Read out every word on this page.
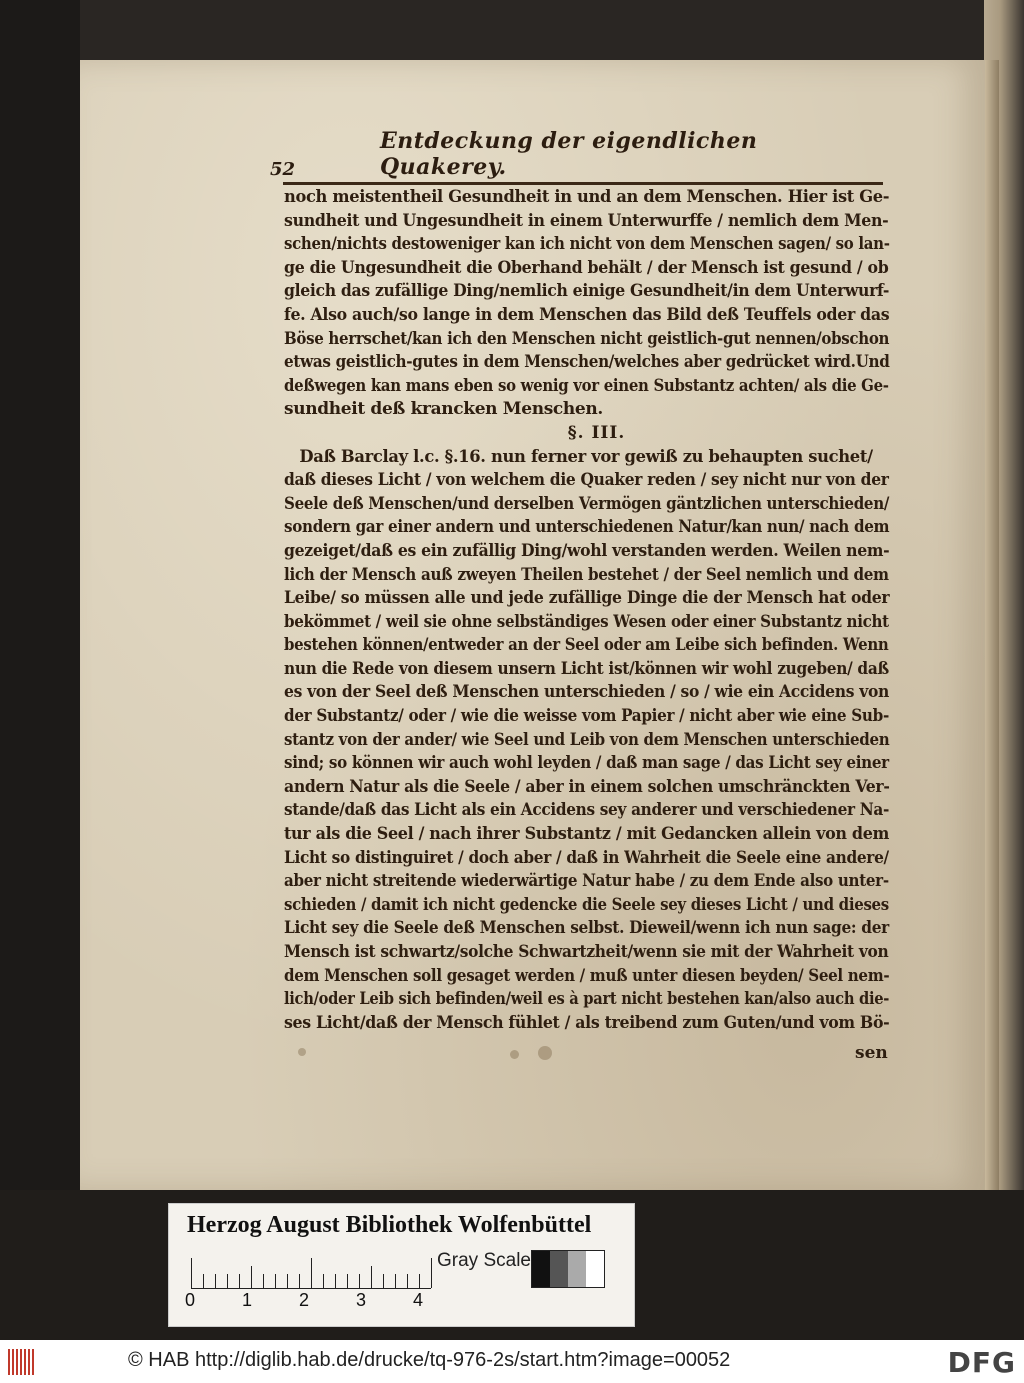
52
Entdeckung der eigendlichen Quakerey.
noch meistentheil Gesundheit in und an dem Menschen. Hier ist Ge-
sundheit und Ungesundheit in einem Unterwurffe / nemlich dem Men-
schen/nichts destoweniger kan ich nicht von dem Menschen sagen/ so lan-
ge die Ungesundheit die Oberhand behält / der Mensch ist gesund / ob
gleich das zufällige Ding/nemlich einige Gesundheit/in dem Unterwurf-
fe. Also auch/so lange in dem Menschen das Bild deß Teuffels oder das
Böse herrschet/kan ich den Menschen nicht geistlich-gut nennen/obschon
etwas geistlich-gutes in dem Menschen/welches aber gedrücket wird.Und
deßwegen kan mans eben so wenig vor einen Substantz achten/ als die Ge-
sundheit deß krancken Menschen.
§. III.
Daß Barclay l.c. §.16. nun ferner vor gewiß zu behaupten suchet/
daß dieses Licht / von welchem die Quaker reden / sey nicht nur von der
Seele deß Menschen/und derselben Vermögen gäntzlichen unterschieden/
sondern gar einer andern und unterschiedenen Natur/kan nun/ nach dem
gezeiget/daß es ein zufällig Ding/wohl verstanden werden. Weilen nem-
lich der Mensch auß zweyen Theilen bestehet / der Seel nemlich und dem
Leibe/ so müssen alle und jede zufällige Dinge die der Mensch hat oder
bekömmet / weil sie ohne selbständiges Wesen oder einer Substantz nicht
bestehen können/entweder an der Seel oder am Leibe sich befinden. Wenn
nun die Rede von diesem unsern Licht ist/können wir wohl zugeben/ daß
es von der Seel deß Menschen unterschieden / so / wie ein Accidens von
der Substantz/ oder / wie die weisse vom Papier / nicht aber wie eine Sub-
stantz von der ander/ wie Seel und Leib von dem Menschen unterschieden
sind; so können wir auch wohl leyden / daß man sage / das Licht sey einer
andern Natur als die Seele / aber in einem solchen umschränckten Ver-
stande/daß das Licht als ein Accidens sey anderer und verschiedener Na-
tur als die Seel / nach ihrer Substantz / mit Gedancken allein von dem
Licht so distinguiret / doch aber / daß in Wahrheit die Seele eine andere/
aber nicht streitende wiederwärtige Natur habe / zu dem Ende also unter-
schieden / damit ich nicht gedencke die Seele sey dieses Licht / und dieses
Licht sey die Seele deß Menschen selbst. Dieweil/wenn ich nun sage: der
Mensch ist schwartz/solche Schwartzheit/wenn sie mit der Wahrheit von
dem Menschen soll gesaget werden / muß unter diesen beyden/ Seel nem-
lich/oder Leib sich befinden/weil es à part nicht bestehen kan/also auch die-
ses Licht/daß der Mensch fühlet / als treibend zum Guten/und vom Bö-
sen
Herzog August Bibliothek Wolfenbüttel
0	1	2	3	4
Gray Scale
© HAB http://diglib.hab.de/drucke/tq-976-2s/start.htm?image=00052	DFG
